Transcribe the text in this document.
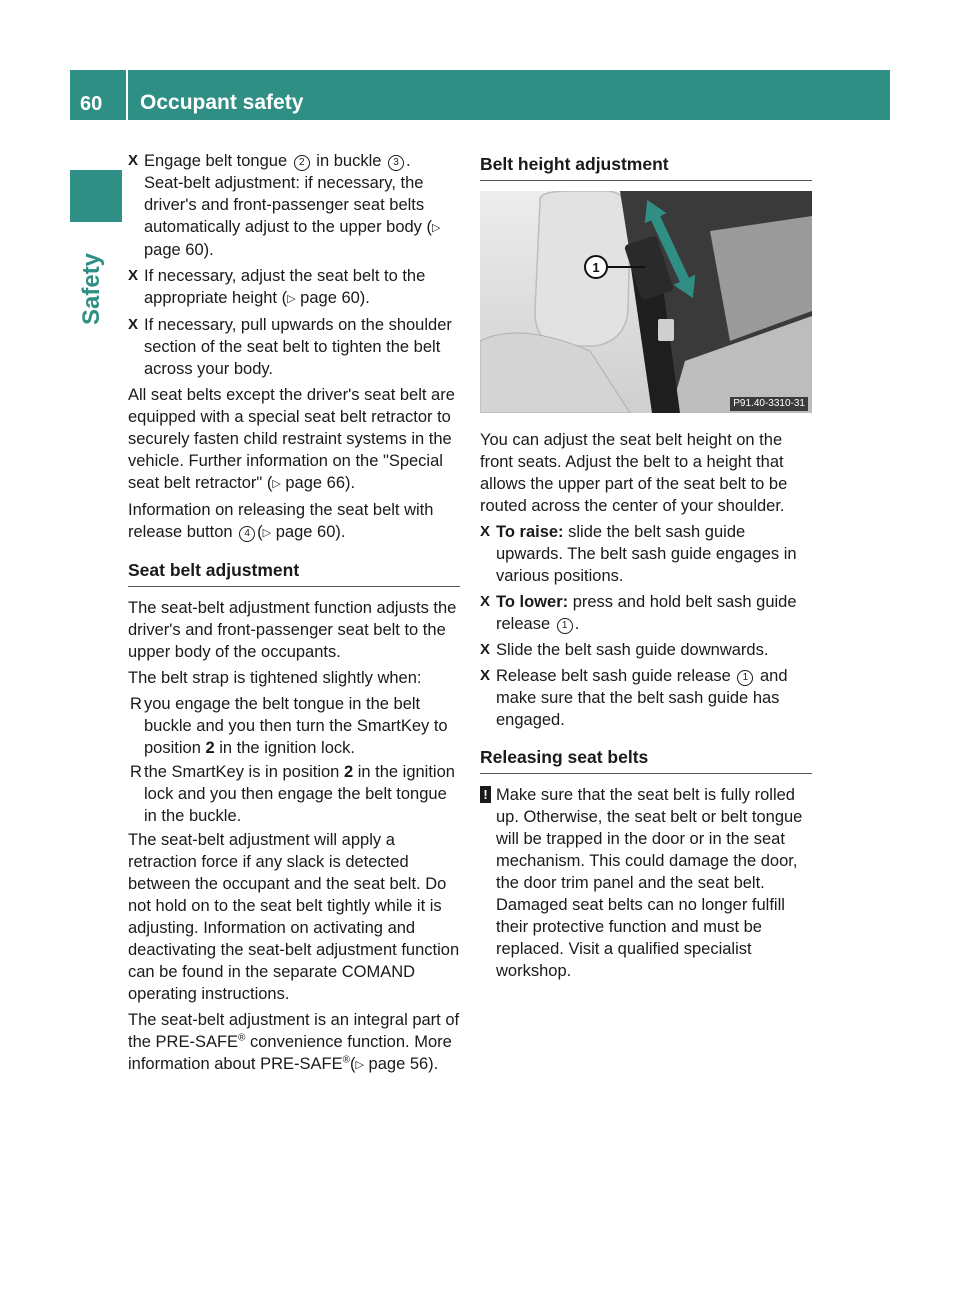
60 Occupant safety
Safety
X Engage belt tongue 2 in buckle 3 .
Seat-belt adjustment: if necessary, the driver's and front-passenger seat belts automatically adjust to the upper body (▷ page 60).
X If necessary, adjust the seat belt to the appropriate height (▷ page 60).
X If necessary, pull upwards on the shoulder section of the seat belt to tighten the belt across your body.

All seat belts except the driver's seat belt are equipped with a special seat belt retractor to securely fasten child restraint systems in the vehicle. Further information on the "Special seat belt retractor" (▷ page 66).

Information on releasing the seat belt with release button 4 (▷ page 60).

Seat belt adjustment

The seat-belt adjustment function adjusts the driver's and front-passenger seat belt to the upper body of the occupants.

The belt strap is tightened slightly when:

R you engage the belt tongue in the belt buckle and you then turn the SmartKey to position 2 in the ignition lock.
R the SmartKey is in position 2 in the ignition lock and you then engage the belt tongue in the buckle.

The seat-belt adjustment will apply a retraction force if any slack is detected between the occupant and the seat belt. Do not hold on to the seat belt tightly while it is adjusting. Information on activating and deactivating the seat-belt adjustment function can be found in the separate COMAND operating instructions.

The seat-belt adjustment is an integral part of the PRE-SAFE® convenience function. More information about PRE-SAFE®(▷ page 56).

Belt height adjustment
1
P91.40-3310-31

You can adjust the seat belt height on the front seats. Adjust the belt to a height that allows the upper part of the seat belt to be routed across the center of your shoulder.

X To raise: slide the belt sash guide upwards. The belt sash guide engages in various positions.
X To lower: press and hold belt sash guide release 1 .
X Slide the belt sash guide downwards.
X Release belt sash guide release 1 and make sure that the belt sash guide has engaged.
Releasing seat belts
! Make sure that the seat belt is fully rolled up. Otherwise, the seat belt or belt tongue will be trapped in the door or in the seat mechanism. This could damage the door, the door trim panel and the seat belt. Damaged seat belts can no longer fulfill their protective function and must be replaced. Visit a qualified specialist workshop.
